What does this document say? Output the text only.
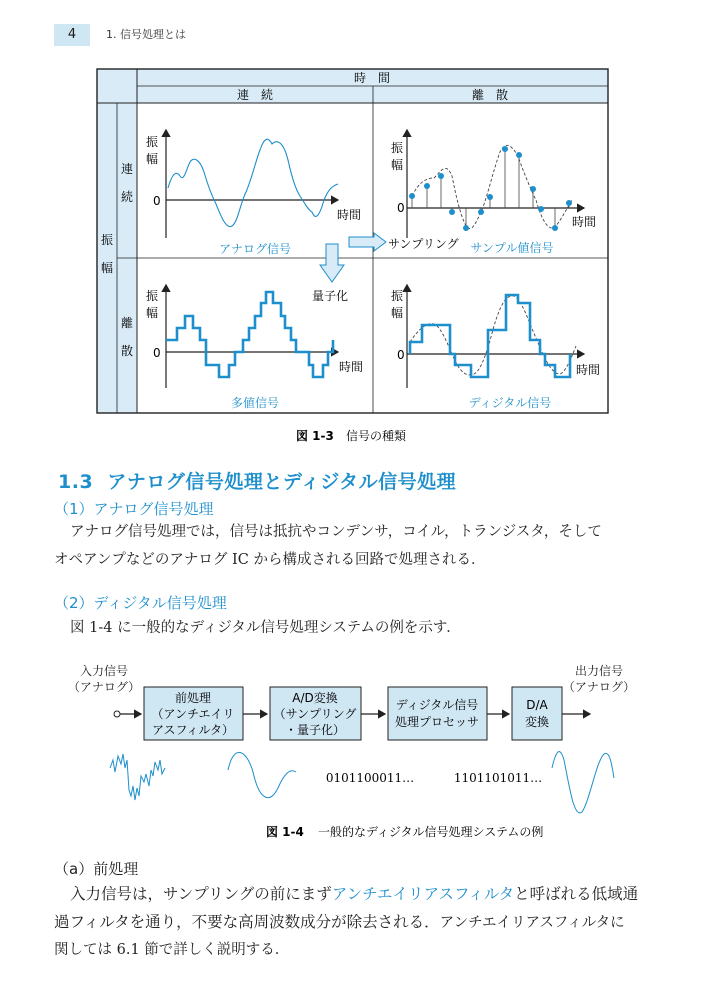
4	1. 信号処理とは
時　間
連　続	離　散
振
幅
連
続
離
散
振
幅
0
時間
アナログ信号
振
幅
0
時間
サンプル値信号
サンプリング
量子化
振
幅
0
時間
多値信号
振
幅
0
時間
ディジタル信号
図 1-3 信号の種類
1.3 アナログ信号処理とディジタル信号処理
（1）アナログ信号処理
アナログ信号処理では，信号は抵抗やコンデンサ，コイル，トランジスタ，そして
オペアンプなどのアナログ IC から構成される回路で処理される．
（2）ディジタル信号処理
図 1-4 に一般的なディジタル信号処理システムの例を示す．
入力信号
（アナログ）
出力信号
（アナログ）
前処理
（アンチエイリ
アスフィルタ）
A/D変換
（サンプリング
・量子化）
ディジタル信号
処理プロセッサ
D/A
変換
0101100011…	1101101011…
図 1-4 一般的なディジタル信号処理システムの例
（a）前処理
入力信号は，サンプリングの前にまずアンチエイリアスフィルタと呼ばれる低域通
過フィルタを通り，不要な高周波数成分が除去される．アンチエイリアスフィルタに
関しては 6.1 節で詳しく説明する．
